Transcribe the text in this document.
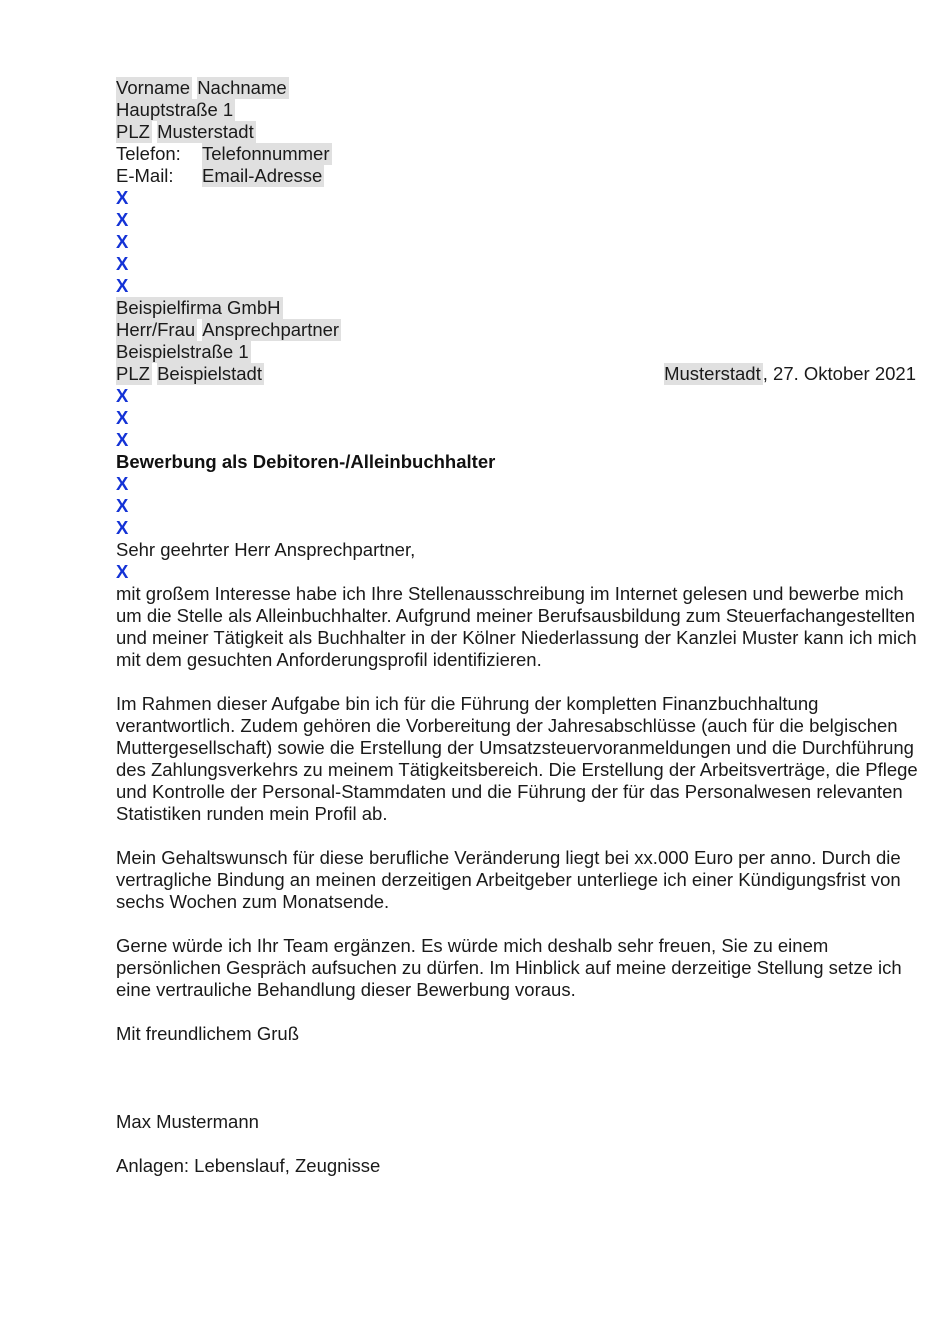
Vorname Nachname
Hauptstraße 1
PLZ Musterstadt
Telefon: Telefonnummer
E-Mail: Email-Adresse
X
X
X
X
X
Beispielfirma GmbH
Herr/Frau Ansprechpartner
Beispielstraße 1
PLZ Beispielstadt	Musterstadt , 27. Oktober 2021
X
X
X
Bewerbung als Debitoren-/Alleinbuchhalter
X
X
X
Sehr geehrter Herr Ansprechpartner,
X
mit großem Interesse habe ich Ihre Stellenausschreibung im Internet gelesen und bewerbe mich um die Stelle als Alleinbuchhalter. Aufgrund meiner Berufsausbildung zum Steuerfachangestellten und meiner Tätigkeit als Buchhalter in der Kölner Niederlassung der Kanzlei Muster kann ich mich mit dem gesuchten Anforderungsprofil identifizieren.
Im Rahmen dieser Aufgabe bin ich für die Führung der kompletten Finanzbuchhaltung verantwortlich. Zudem gehören die Vorbereitung der Jahresabschlüsse (auch für die belgischen Muttergesellschaft) sowie die Erstellung der Umsatzsteuervoranmeldungen und die Durchführung des Zahlungsverkehrs zu meinem Tätigkeitsbereich. Die Erstellung der Arbeitsverträge, die Pflege und Kontrolle der Personal-Stammdaten und die Führung der für das Personalwesen relevanten Statistiken runden mein Profil ab.
Mein Gehaltswunsch für diese berufliche Veränderung liegt bei xx.000 Euro per anno. Durch die vertragliche Bindung an meinen derzeitigen Arbeitgeber unterliege ich einer Kündigungsfrist von sechs Wochen zum Monatsende.
Gerne würde ich Ihr Team ergänzen. Es würde mich deshalb sehr freuen, Sie zu einem persönlichen Gespräch aufsuchen zu dürfen. Im Hinblick auf meine derzeitige Stellung setze ich eine vertrauliche Behandlung dieser Bewerbung voraus.
Mit freundlichem Gruß
Max Mustermann
Anlagen: Lebenslauf, Zeugnisse
